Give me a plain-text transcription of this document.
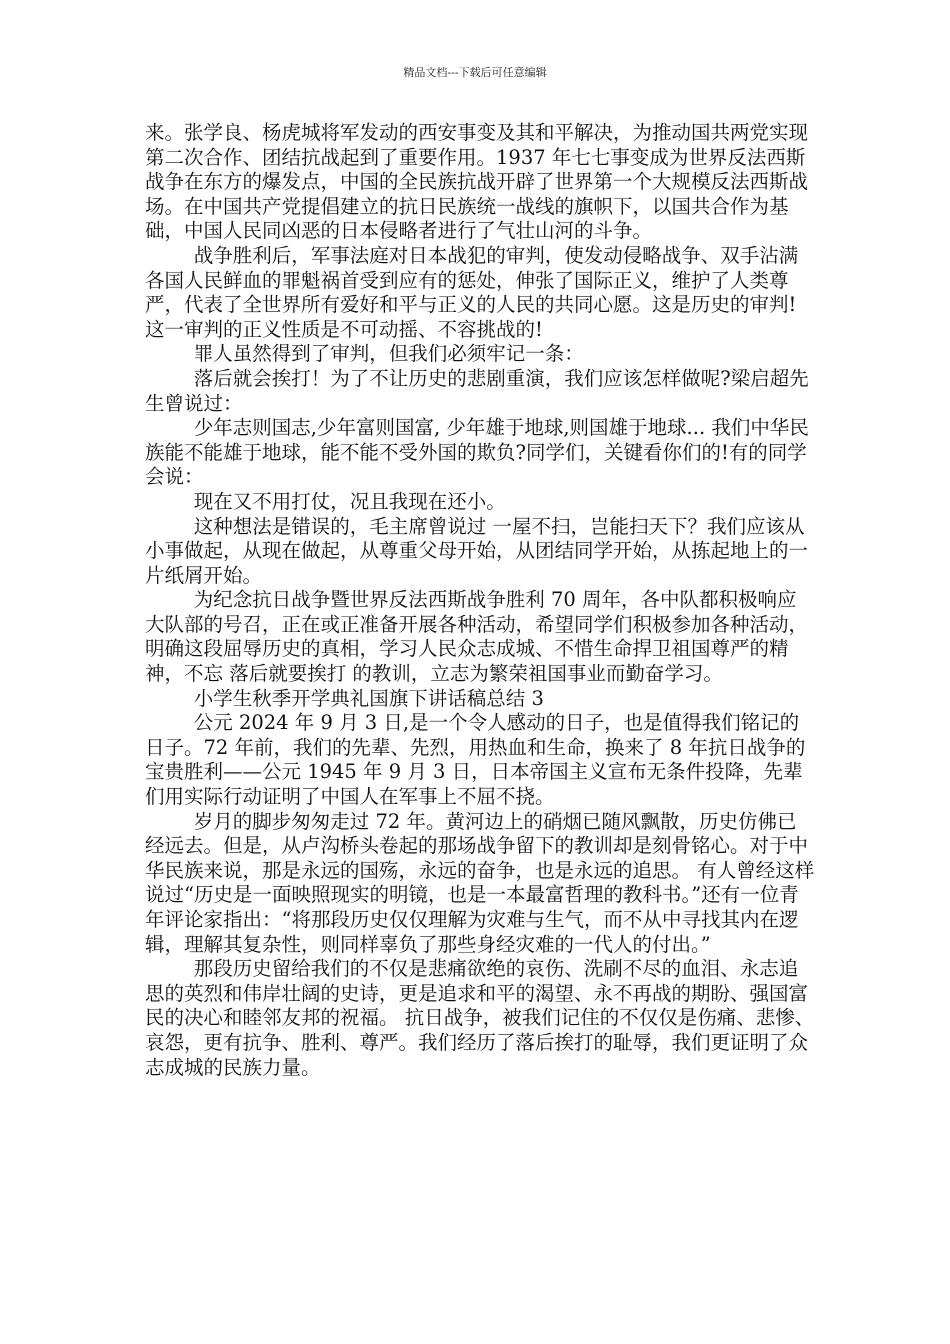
精品文档---下载后可任意编辑

来。张学良、杨虎城将军发动的西安事变及其和平解决，为推动国共两党实现第二次合作、团结抗战起到了重要作用。1937 年七七事变成为世界反法西斯战争在东方的爆发点，中国的全民族抗战开辟了世界第一个大规模反法西斯战场。在中国共产党提倡建立的抗日民族统一战线的旗帜下，以国共合作为基础，中国人民同凶恶的日本侵略者进行了气壮山河的斗争。

战争胜利后，军事法庭对日本战犯的审判，使发动侵略战争、双手沾满各国人民鲜血的罪魁祸首受到应有的惩处，伸张了国际正义，维护了人类尊严，代表了全世界所有爱好和平与正义的人民的共同心愿。这是历史的审判!这一审判的正义性质是不可动摇、不容挑战的!

罪人虽然得到了审判，但我们必须牢记一条：

落后就会挨打！为了不让历史的悲剧重演，我们应该怎样做呢?梁启超先生曾说过：

少年志则国志,少年富则国富, 少年雄于地球,则国雄于地球... 我们中华民族能不能雄于地球，能不能不受外国的欺负?同学们，关键看你们的!有的同学会说：

现在又不用打仗，况且我现在还小。

这种想法是错误的，毛主席曾说过 一屋不扫，岂能扫天下？我们应该从小事做起，从现在做起，从尊重父母开始，从团结同学开始，从拣起地上的一片纸屑开始。

为纪念抗日战争暨世界反法西斯战争胜利 70 周年，各中队都积极响应大队部的号召，正在或正准备开展各种活动，希望同学们积极参加各种活动，明确这段屈辱历史的真相，学习人民众志成城、不惜生命捍卫祖国尊严的精神，不忘 落后就要挨打 的教训，立志为繁荣祖国事业而勤奋学习。

小学生秋季开学典礼国旗下讲话稿总结 3

公元 2024 年 9 月 3 日,是一个令人感动的日子，也是值得我们铭记的日子。72 年前，我们的先辈、先烈，用热血和生命，换来了 8 年抗日战争的宝贵胜利——公元 1945 年 9 月 3 日，日本帝国主义宣布无条件投降，先辈们用实际行动证明了中国人在军事上不屈不挠。

岁月的脚步匆匆走过 72 年。黄河边上的硝烟已随风飘散，历史仿佛已经远去。但是，从卢沟桥头卷起的那场战争留下的教训却是刻骨铭心。对于中华民族来说，那是永远的国殇，永远的奋争，也是永远的追思。 有人曾经这样说过“历史是一面映照现实的明镜，也是一本最富哲理的教科书。”还有一位青年评论家指出：“将那段历史仅仅理解为灾难与生气，而不从中寻找其内在逻辑，理解其复杂性，则同样辜负了那些身经灾难的一代人的付出。”

那段历史留给我们的不仅是悲痛欲绝的哀伤、洗刷不尽的血泪、永志追思的英烈和伟岸壮阔的史诗，更是追求和平的渴望、永不再战的期盼、强国富民的决心和睦邻友邦的祝福。 抗日战争，被我们记住的不仅仅是伤痛、悲惨、哀怨，更有抗争、胜利、尊严。我们经历了落后挨打的耻辱，我们更证明了众志成城的民族力量。
